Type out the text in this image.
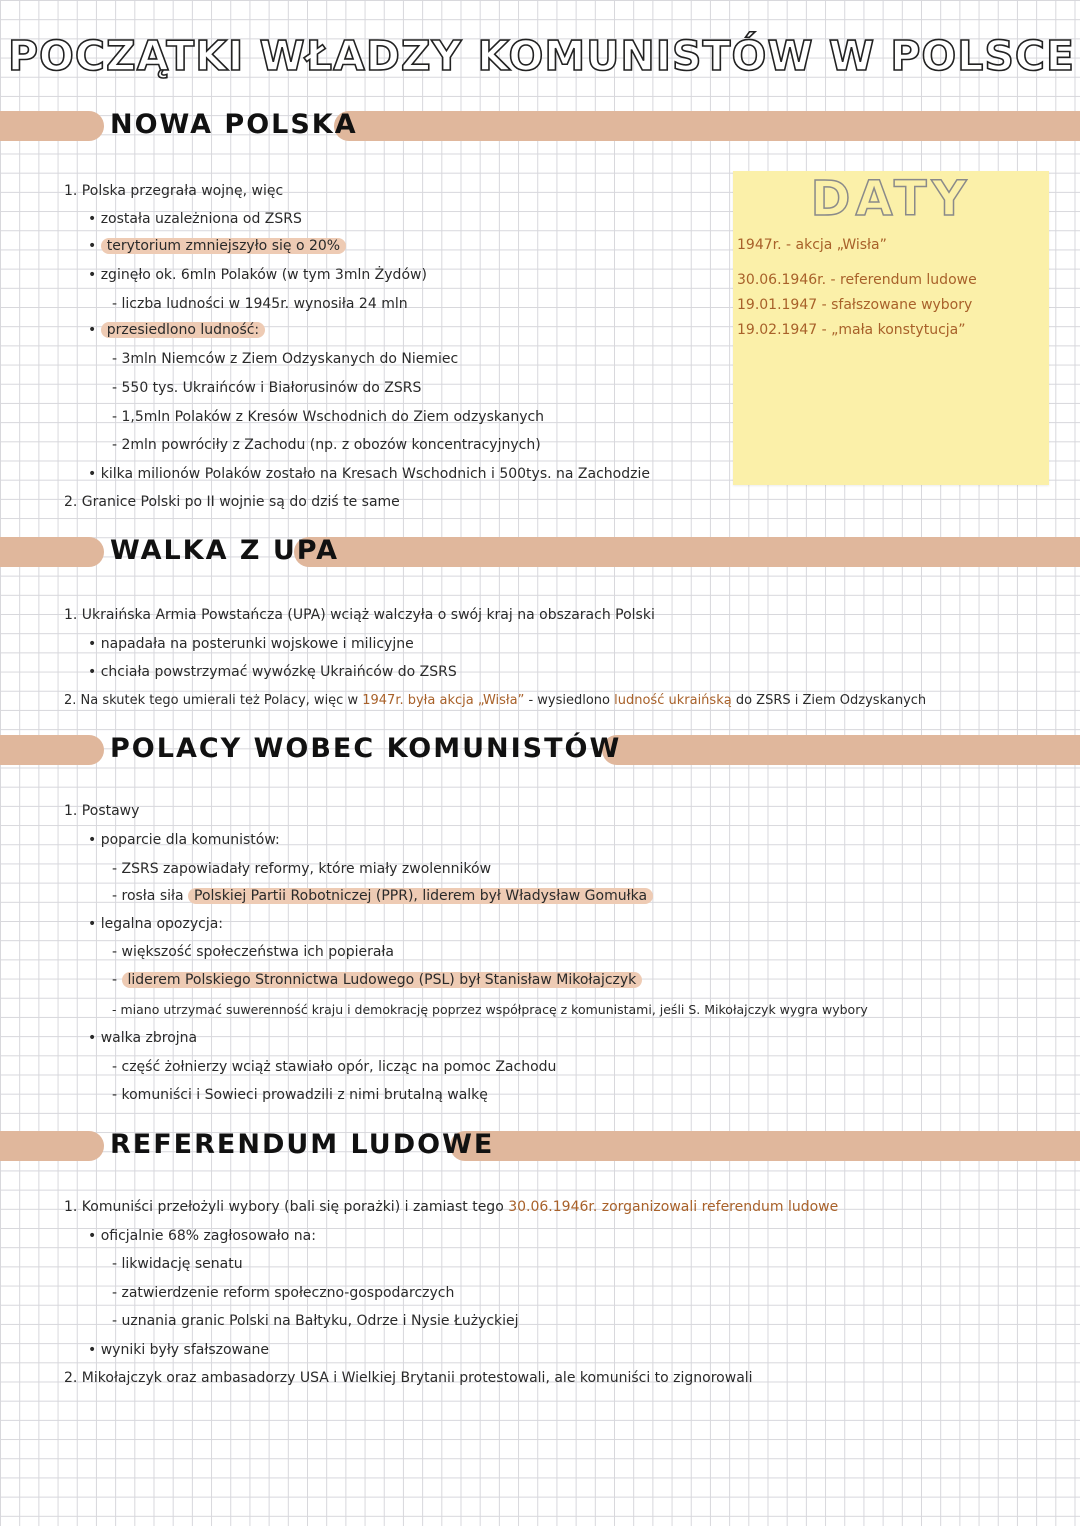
POCZĄTKI WŁADZY KOMUNISTÓW W POLSCE
NOWA POLSKA
1. Polska przegrała wojnę, więc
• została uzależniona od ZSRS
• terytorium zmniejszyło się o 20%
• zginęło ok. 6mln Polaków (w tym 3mln Żydów)
- liczba ludności w 1945r. wynosiła 24 mln
• przesiedlono ludność:
- 3mln Niemców z Ziem Odzyskanych do Niemiec
- 550 tys. Ukraińców i Białorusinów do ZSRS
- 1,5mln Polaków z Kresów Wschodnich do Ziem odzyskanych
- 2mln powróciły z Zachodu (np. z obozów koncentracyjnych)
• kilka milionów Polaków zostało na Kresach Wschodnich i 500tys. na Zachodzie
2. Granice Polski po II wojnie są do dziś te same
DATY
1947r. - akcja „Wisła”
30.06.1946r. - referendum ludowe
19.01.1947 - sfałszowane wybory
19.02.1947 - „mała konstytucja”
WALKA Z UPA
1. Ukraińska Armia Powstańcza (UPA) wciąż walczyła o swój kraj na obszarach Polski
• napadała na posterunki wojskowe i milicyjne
• chciała powstrzymać wywózkę Ukraińców do ZSRS
2. Na skutek tego umierali też Polacy, więc w 1947r. była akcja „Wisła” - wysiedlono ludność ukraińską do ZSRS i Ziem Odzyskanych
POLACY WOBEC KOMUNISTÓW
1. Postawy
• poparcie dla komunistów:
- ZSRS zapowiadały reformy, które miały zwolenników
- rosła siła Polskiej Partii Robotniczej (PPR), liderem był Władysław Gomułka
• legalna opozycja:
- większość społeczeństwa ich popierała
- liderem Polskiego Stronnictwa Ludowego (PSL) był Stanisław Mikołajczyk
- miano utrzymać suwerenność kraju i demokrację poprzez współpracę z komunistami, jeśli S. Mikołajczyk wygra wybory
• walka zbrojna
- część żołnierzy wciąż stawiało opór, licząc na pomoc Zachodu
- komuniści i Sowieci prowadzili z nimi brutalną walkę
REFERENDUM LUDOWE
1. Komuniści przełożyli wybory (bali się porażki) i zamiast tego 30.06.1946r. zorganizowali referendum ludowe
• oficjalnie 68% zagłosowało na:
- likwidację senatu
- zatwierdzenie reform społeczno-gospodarczych
- uznania granic Polski na Bałtyku, Odrze i Nysie Łużyckiej
• wyniki były sfałszowane
2. Mikołajczyk oraz ambasadorzy USA i Wielkiej Brytanii protestowali, ale komuniści to zignorowali
